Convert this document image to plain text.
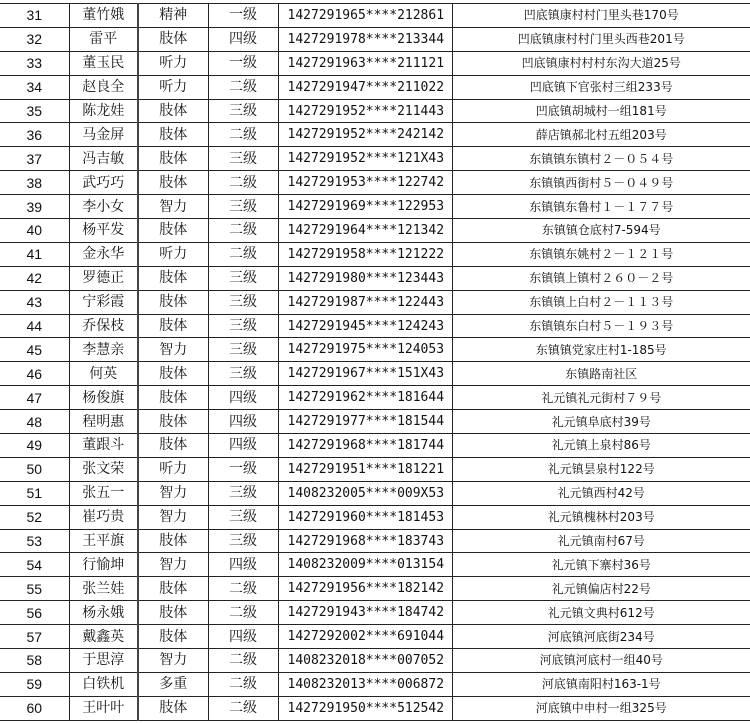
31	董竹娥	精神	一级	1427291965****212861	凹底镇康村村门里头巷170号
32	雷平	肢体	四级	1427291978****213344	凹底镇康村村门里头西巷201号
33	董玉民	听力	一级	1427291963****211121	凹底镇康村村村东沟大道25号
34	赵良全	听力	二级	1427291947****211022	凹底镇下官张村三组233号
35	陈龙娃	肢体	三级	1427291952****211443	凹底镇胡城村一组181号
36	马金屏	肢体	二级	1427291952****242142	薛店镇郝北村五组203号
37	冯吉敏	肢体	三级	1427291952****121X43	东镇镇东镇村２－０５４号
38	武巧巧	肢体	二级	1427291953****122742	东镇镇西街村５－０４９号
39	李小女	智力	三级	1427291969****122953	东镇镇东鲁村１－１７７号
40	杨平发	肢体	二级	1427291964****121342	东镇镇仓底村7-594号
41	金永华	听力	二级	1427291958****121222	东镇镇东姚村２－１２１号
42	罗德正	肢体	三级	1427291980****123443	东镇镇上镇村２６０－２号
43	宁彩霞	肢体	三级	1427291987****122443	东镇镇上白村２－１１３号
44	乔保枝	肢体	三级	1427291945****124243	东镇镇东白村５－１９３号
45	李慧亲	智力	三级	1427291975****124053	东镇镇党家庄村1-185号
46	何英	肢体	三级	1427291967****151X43	东镇路南社区
47	杨俊旗	肢体	四级	1427291962****181644	礼元镇礼元街村７９号
48	程明惠	肢体	四级	1427291977****181544	礼元镇阜底村39号
49	董跟斗	肢体	四级	1427291968****181744	礼元镇上泉村86号
50	张文荣	听力	一级	1427291951****181221	礼元镇昙泉村122号
51	张五一	智力	三级	1408232005****009X53	礼元镇西村42号
52	崔巧贵	智力	三级	1427291960****181453	礼元镇槐林村203号
53	王平旗	肢体	三级	1427291968****183743	礼元镇南村67号
54	行愉坤	智力	四级	1408232009****013154	礼元镇下寨村36号
55	张兰娃	肢体	二级	1427291956****182142	礼元镇偏店村22号
56	杨永娥	肢体	二级	1427291943****184742	礼元镇文典村612号
57	戴鑫英	肢体	四级	1427292002****691044	河底镇河底街234号
58	于思淳	智力	二级	1408232018****007052	河底镇河底村一组40号
59	白铁机	多重	二级	1408232013****006872	河底镇南阳村163-1号
60	王叶叶	肢体	二级	1427291950****512542	河底镇中申村一组325号
